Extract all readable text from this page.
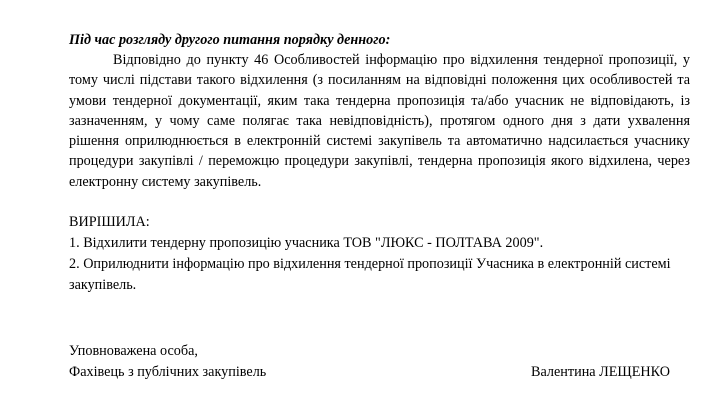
Під час розгляду другого питання порядку денного:

Відповідно до пункту 46 Особливостей інформацію про відхилення тендерної пропозиції, у тому числі підстави такого відхилення (з посиланням на відповідні положення цих особливостей та умови тендерної документації, яким така тендерна пропозиція та/або учасник не відповідають, із зазначенням, у чому саме полягає така невідповідність), протягом одного дня з дати ухвалення рішення оприлюднюється в електронній системі закупівель та автоматично надсилається учаснику процедури закупівлі / переможцю процедури закупівлі, тендерна пропозиція якого відхилена, через електронну систему закупівель.

ВИРІШИЛА:

1. Відхилити тендерну пропозицію учасника ТОВ "ЛЮКС - ПОЛТАВА 2009".

2. Оприлюднити інформацію про відхилення тендерної пропозиції Учасника в електронній системі закупівель.

Уповноважена особа,

Фахівець з публічних закупівель	Валентина ЛЕЩЕНКО
